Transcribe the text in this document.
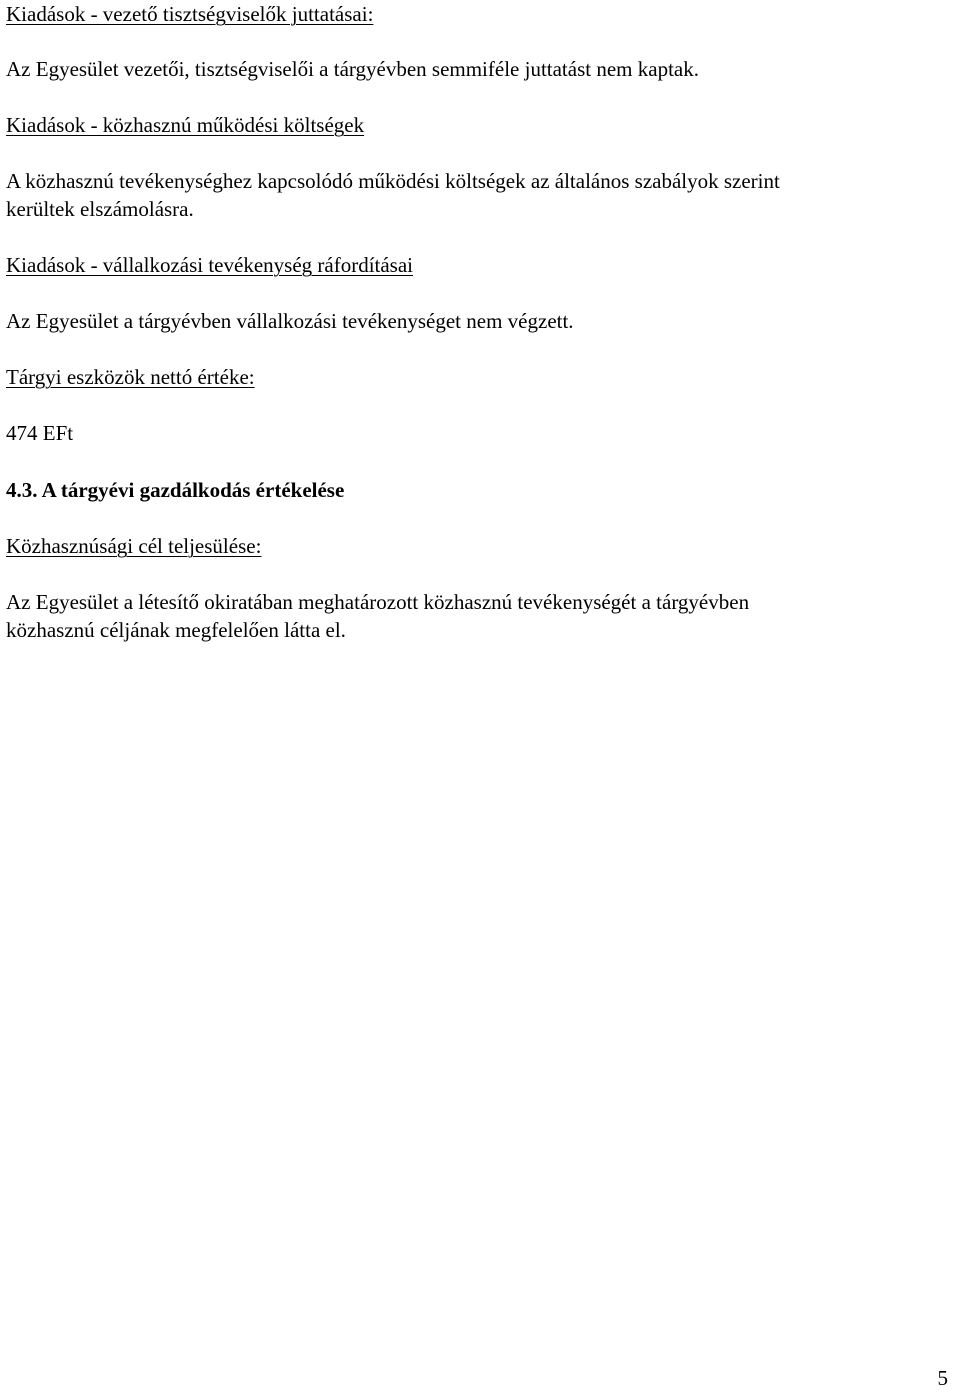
Kiadások - vezető tisztségviselők juttatásai:
Az Egyesület vezetői, tisztségviselői a tárgyévben semmiféle juttatást nem kaptak.
Kiadások - közhasznú működési költségek
A közhasznú tevékenységhez kapcsolódó működési költségek az általános szabályok szerint
kerültek elszámolásra.
Kiadások - vállalkozási tevékenység ráfordításai
Az Egyesület a tárgyévben vállalkozási tevékenységet nem végzett.
Tárgyi eszközök nettó értéke:
474 EFt
4.3. A tárgyévi gazdálkodás értékelése
Közhasznúsági cél teljesülése:
Az Egyesület a létesítő okiratában meghatározott közhasznú tevékenységét a tárgyévben
közhasznú céljának megfelelően látta el.
5
